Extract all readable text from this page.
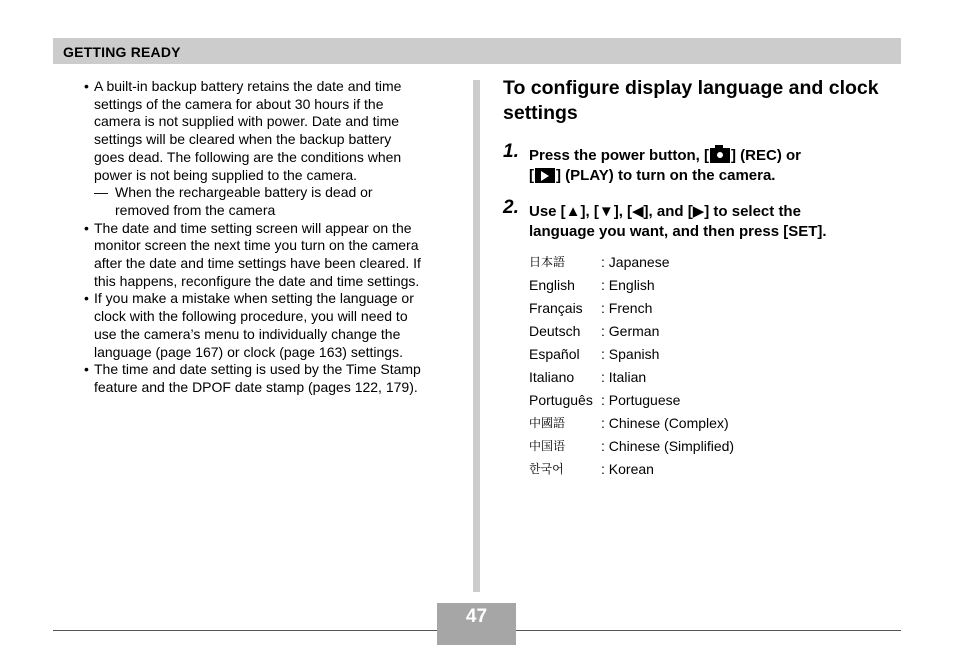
GETTING READY
• A built-in backup battery retains the date and time
settings of the camera for about 30 hours if the
camera is not supplied with power. Date and time
settings will be cleared when the backup battery
goes dead. The following are the conditions when
power is not being supplied to the camera.
— When the rechargeable battery is dead or
removed from the camera
• The date and time setting screen will appear on the
monitor screen the next time you turn on the camera
after the date and time settings have been cleared. If
this happens, reconfigure the date and time settings.
• If you make a mistake when setting the language or
clock with the following procedure, you will need to
use the camera’s menu to individually change the
language (page 167) or clock (page 163) settings.
• The time and date setting is used by the Time Stamp
feature and the DPOF date stamp (pages 122, 179).
To configure display language and clock
settings
1. Press the power button, [ ] (REC) or
[ ] (PLAY) to turn on the camera.
2. Use [▲], [▼], [◀], and [▶] to select the
language you want, and then press [SET].
日本語	: Japanese
English	: English
Français	: French
Deutsch	: German
Español	: Spanish
Italiano	: Italian
Português	: Portuguese
中國語	: Chinese (Complex)
中国语	: Chinese (Simplified)
한국어	: Korean
47
